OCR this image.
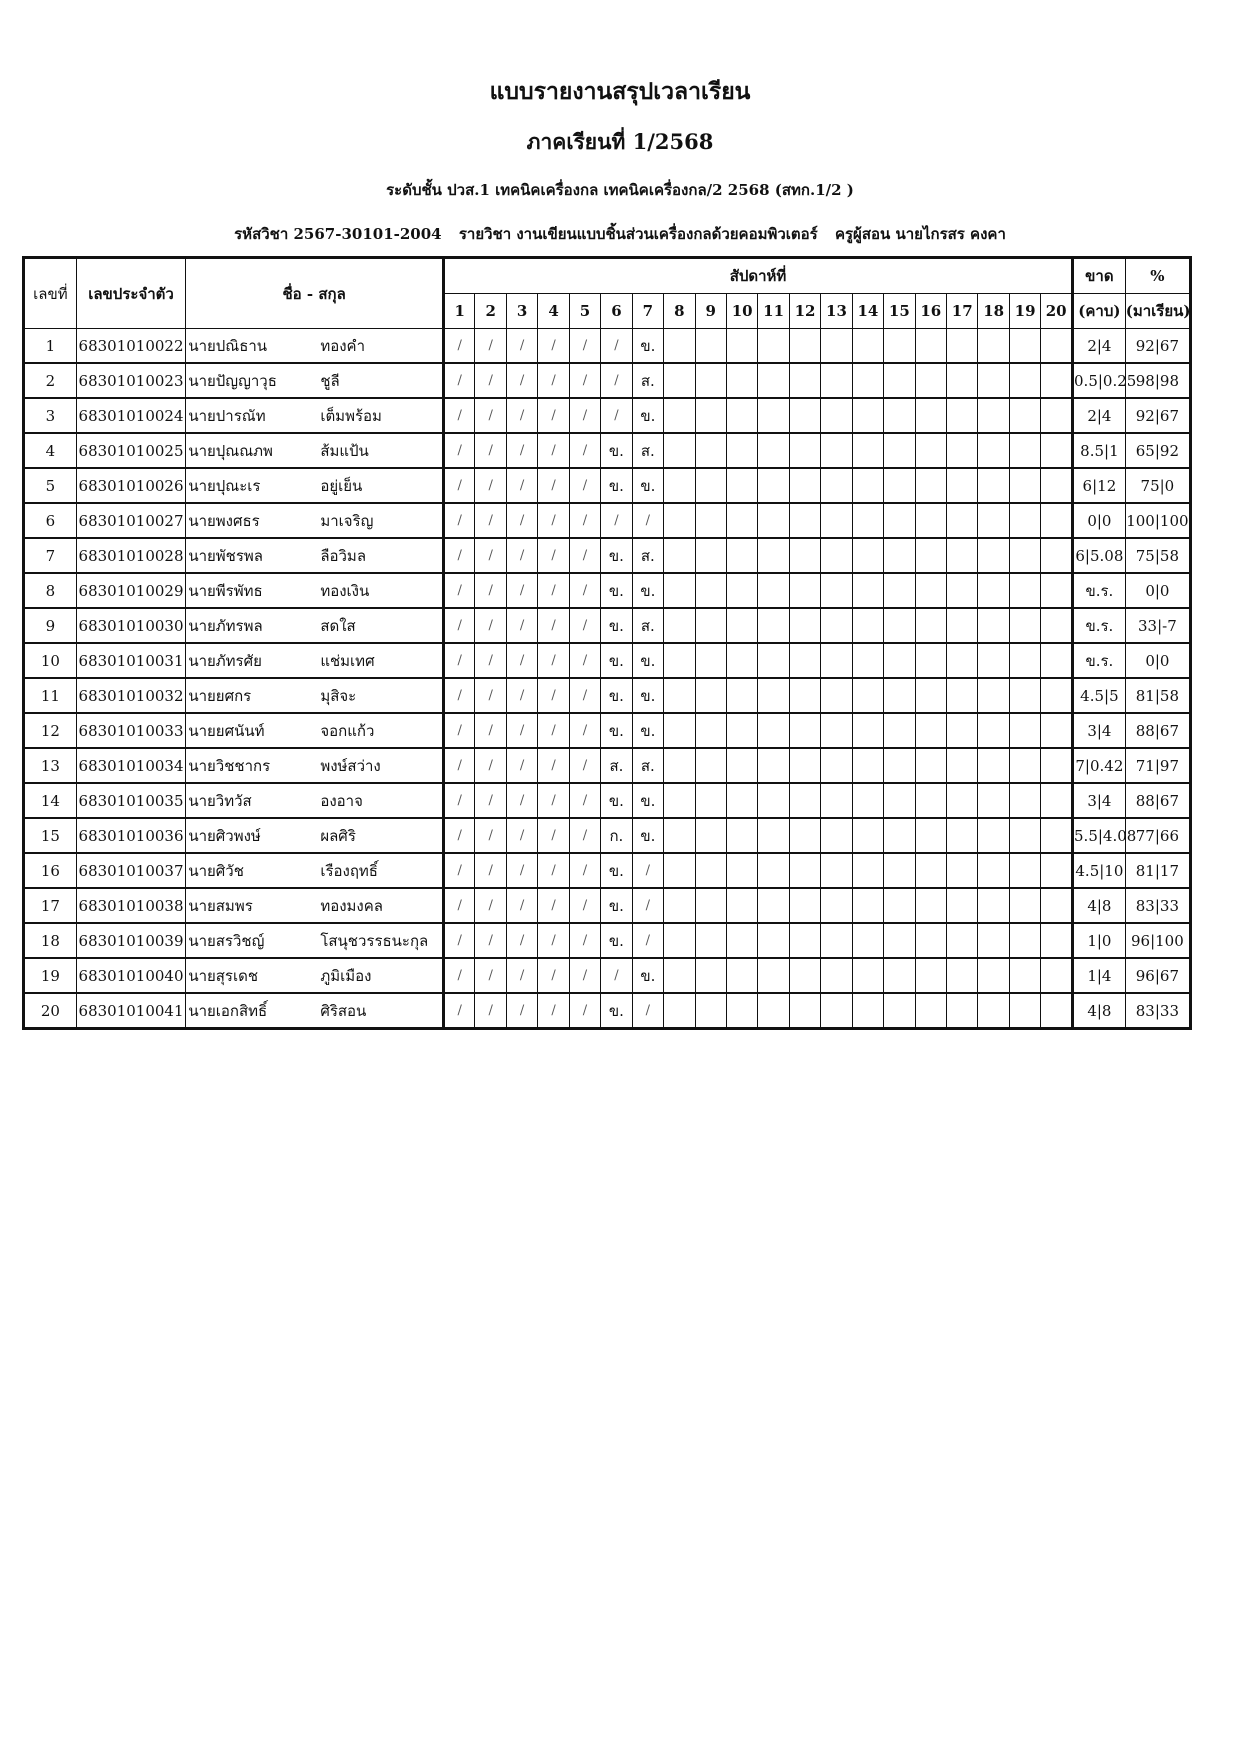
แบบรายงานสรุปเวลาเรียน
ภาคเรียนที่ 1/2568
ระดับชั้น ปวส.1 เทคนิคเครื่องกล เทคนิคเครื่องกล/2 2568 (สทก.1/2 )
รหัสวิชา 2567-30101-2004 รายวิชา งานเขียนแบบชิ้นส่วนเครื่องกลด้วยคอมพิวเตอร์ ครูผู้สอน นายไกรสร คงคา
เลขที่	เลขประจำตัว	ชื่อ - สกุล	สัปดาห์ที่																				ขาด	%
			1	2	3	4	5	6	7	8	9	10	11	12	13	14	15	16	17	18	19	20	(คาบ)	(มาเรียน)
1	68301010022	นายปณิธาน ทองคำ	/	/	/	/	/	/	ข.														2|4	92|67
2	68301010023	นายปัญญาวุธ ชูลี	/	/	/	/	/	/	ส.														0.5|0.25	98|98
3	68301010024	นายปารณัท เต็มพร้อม	/	/	/	/	/	/	ข.														2|4	92|67
4	68301010025	นายปุณณภพ ส้มแป้น	/	/	/	/	/	ข.	ส.														8.5|1	65|92
5	68301010026	นายปุณะเร อยู่เย็น	/	/	/	/	/	ข.	ข.														6|12	75|0
6	68301010027	นายพงศธร มาเจริญ	/	/	/	/	/	/	/														0|0	100|100
7	68301010028	นายพัชรพล ลือวิมล	/	/	/	/	/	ข.	ส.														6|5.08	75|58
8	68301010029	นายพีรพัทธ ทองเงิน	/	/	/	/	/	ข.	ข.														ข.ร.	0|0
9	68301010030	นายภัทรพล สดใส	/	/	/	/	/	ข.	ส.														ข.ร.	33|-7
10	68301010031	นายภัทรศัย แช่มเทศ	/	/	/	/	/	ข.	ข.														ข.ร.	0|0
11	68301010032	นายยศกร มุสิจะ	/	/	/	/	/	ข.	ข.														4.5|5	81|58
12	68301010033	นายยศนันท์ จอกแก้ว	/	/	/	/	/	ข.	ข.														3|4	88|67
13	68301010034	นายวิชชากร พงษ์สว่าง	/	/	/	/	/	ส.	ส.														7|0.42	71|97
14	68301010035	นายวิทวัส องอาจ	/	/	/	/	/	ข.	ข.														3|4	88|67
15	68301010036	นายศิวพงษ์ ผลศิริ	/	/	/	/	/	ก.	ข.														5.5|4.08	77|66
16	68301010037	นายศิวัช เรืองฤทธิ์	/	/	/	/	/	ข.	/														4.5|10	81|17
17	68301010038	นายสมพร ทองมงคล	/	/	/	/	/	ข.	/														4|8	83|33
18	68301010039	นายสรวิชญ์ โสนุชวรรธนะกุล	/	/	/	/	/	ข.	/														1|0	96|100
19	68301010040	นายสุรเดช ภูมิเมือง	/	/	/	/	/	/	ข.														1|4	96|67
20	68301010041	นายเอกสิทธิ์ ศิริสอน	/	/	/	/	/	ข.	/														4|8	83|33
